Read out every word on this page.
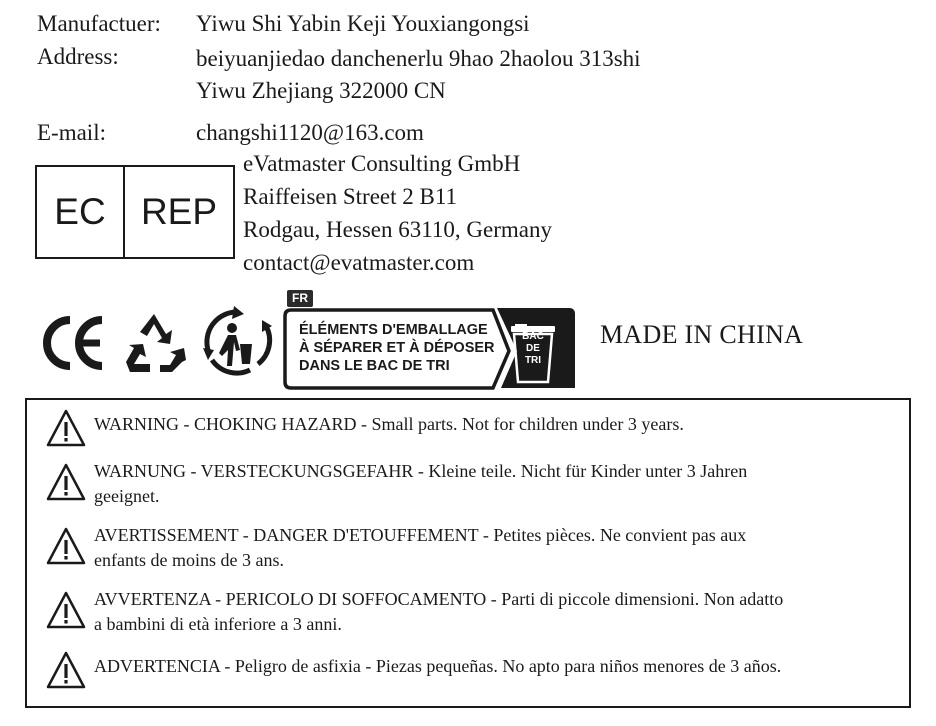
Manufactuer: Yiwu Shi Yabin Keji Youxiangongsi
Address:	beiyuanjiedao danchenerlu 9hao 2haolou 313shi
Yiwu Zhejiang 322000 CN
E-mail:	changshi1120@163.com
EC REP
eVatmaster Consulting GmbH
Raiffeisen Street 2 B11
Rodgau, Hessen 63110, Germany
contact@evatmaster.com
FR
ÉLÉMENTS D'EMBALLAGE
À SÉPARER ET À DÉPOSER
DANS LE BAC DE TRI
BAC
DE
TRI
MADE IN CHINA
WARNING - CHOKING HAZARD - Small parts. Not for children under 3 years.
WARNUNG - VERSTECKUNGSGEFAHR - Kleine teile. Nicht für Kinder unter 3 Jahren
geeignet.
AVERTISSEMENT - DANGER D'ETOUFFEMENT - Petites pièces. Ne convient pas aux
enfants de moins de 3 ans.
AVVERTENZA - PERICOLO DI SOFFOCAMENTO - Parti di piccole dimensioni. Non adatto
a bambini di età inferiore a 3 anni.
ADVERTENCIA - Peligro de asfixia - Piezas pequeñas. No apto para niños menores de 3 años.
